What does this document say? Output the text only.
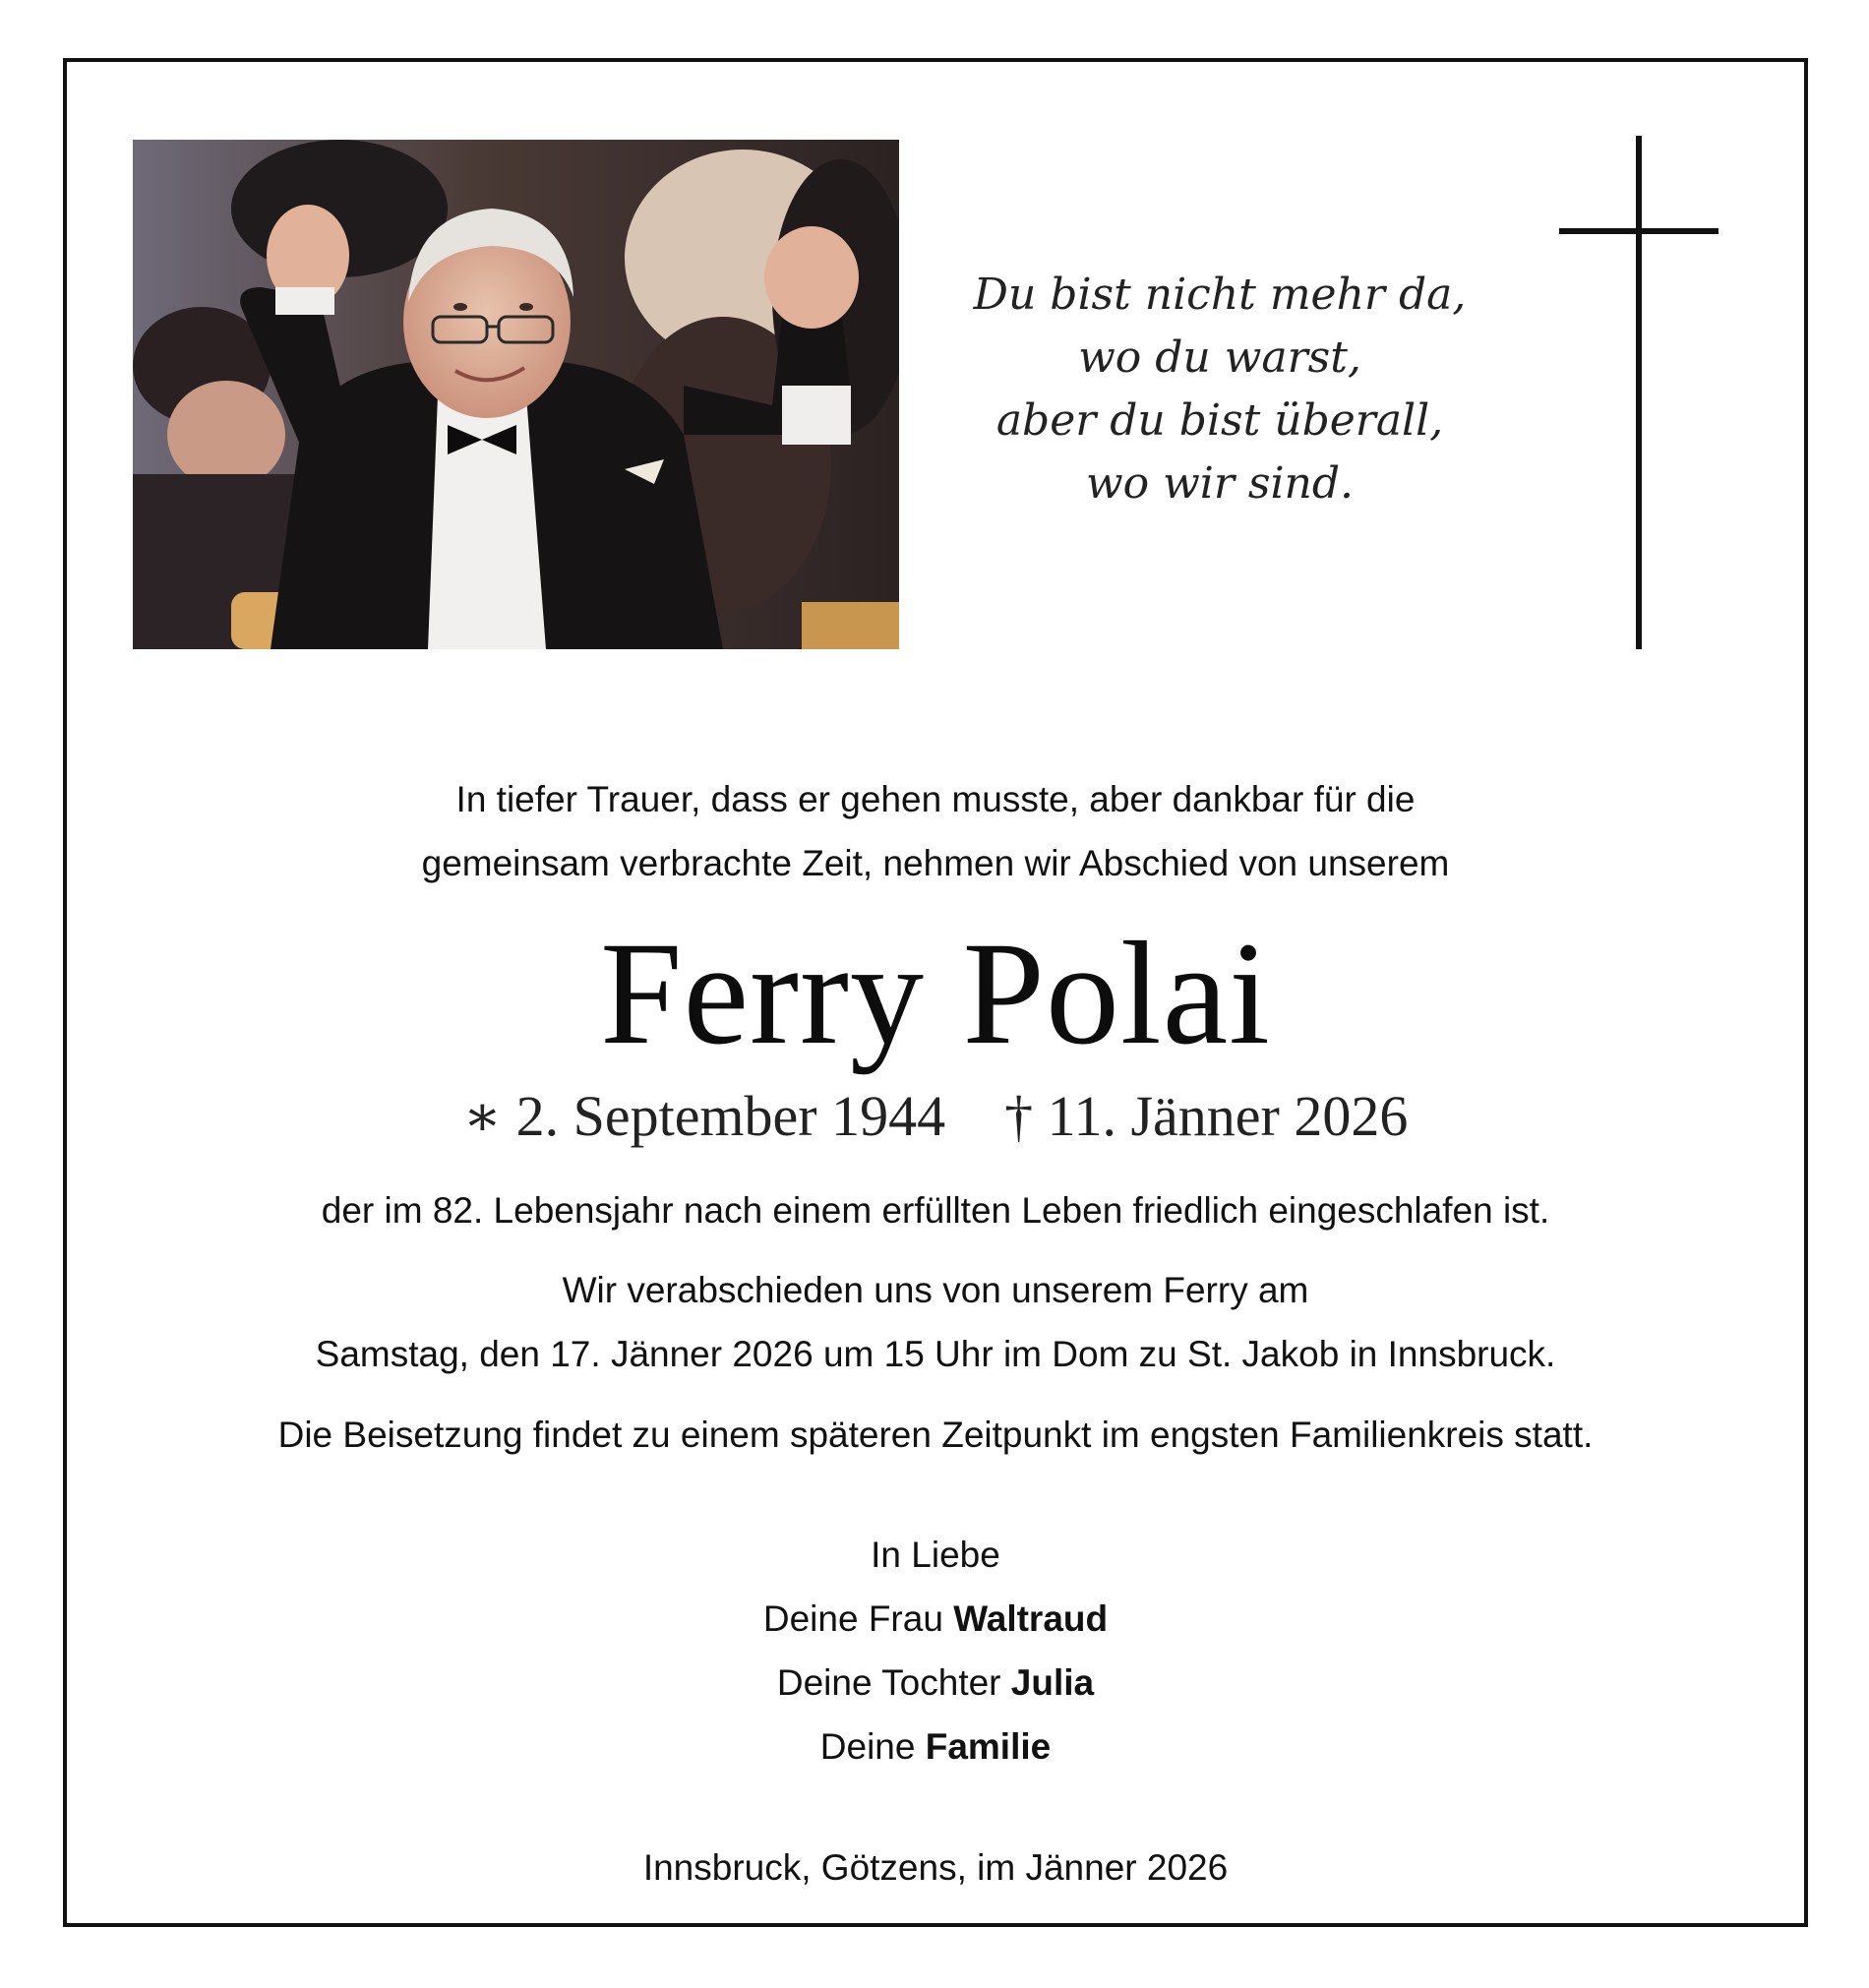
Du bist nicht mehr da,
wo du warst,
aber du bist überall,
wo wir sind.
In tiefer Trauer, dass er gehen musste, aber dankbar für die
gemeinsam verbrachte Zeit, nehmen wir Abschied von unserem
Ferry Polai
∗ 2. September 1944 † 11. Jänner 2026
der im 82. Lebensjahr nach einem erfüllten Leben friedlich eingeschlafen ist.
Wir verabschieden uns von unserem Ferry am
Samstag, den 17. Jänner 2026 um 15 Uhr im Dom zu St. Jakob in Innsbruck.
Die Beisetzung findet zu einem späteren Zeitpunkt im engsten Familienkreis statt.
In Liebe
Deine Frau Waltraud
Deine Tochter Julia
Deine Familie
Innsbruck, Götzens, im Jänner 2026
